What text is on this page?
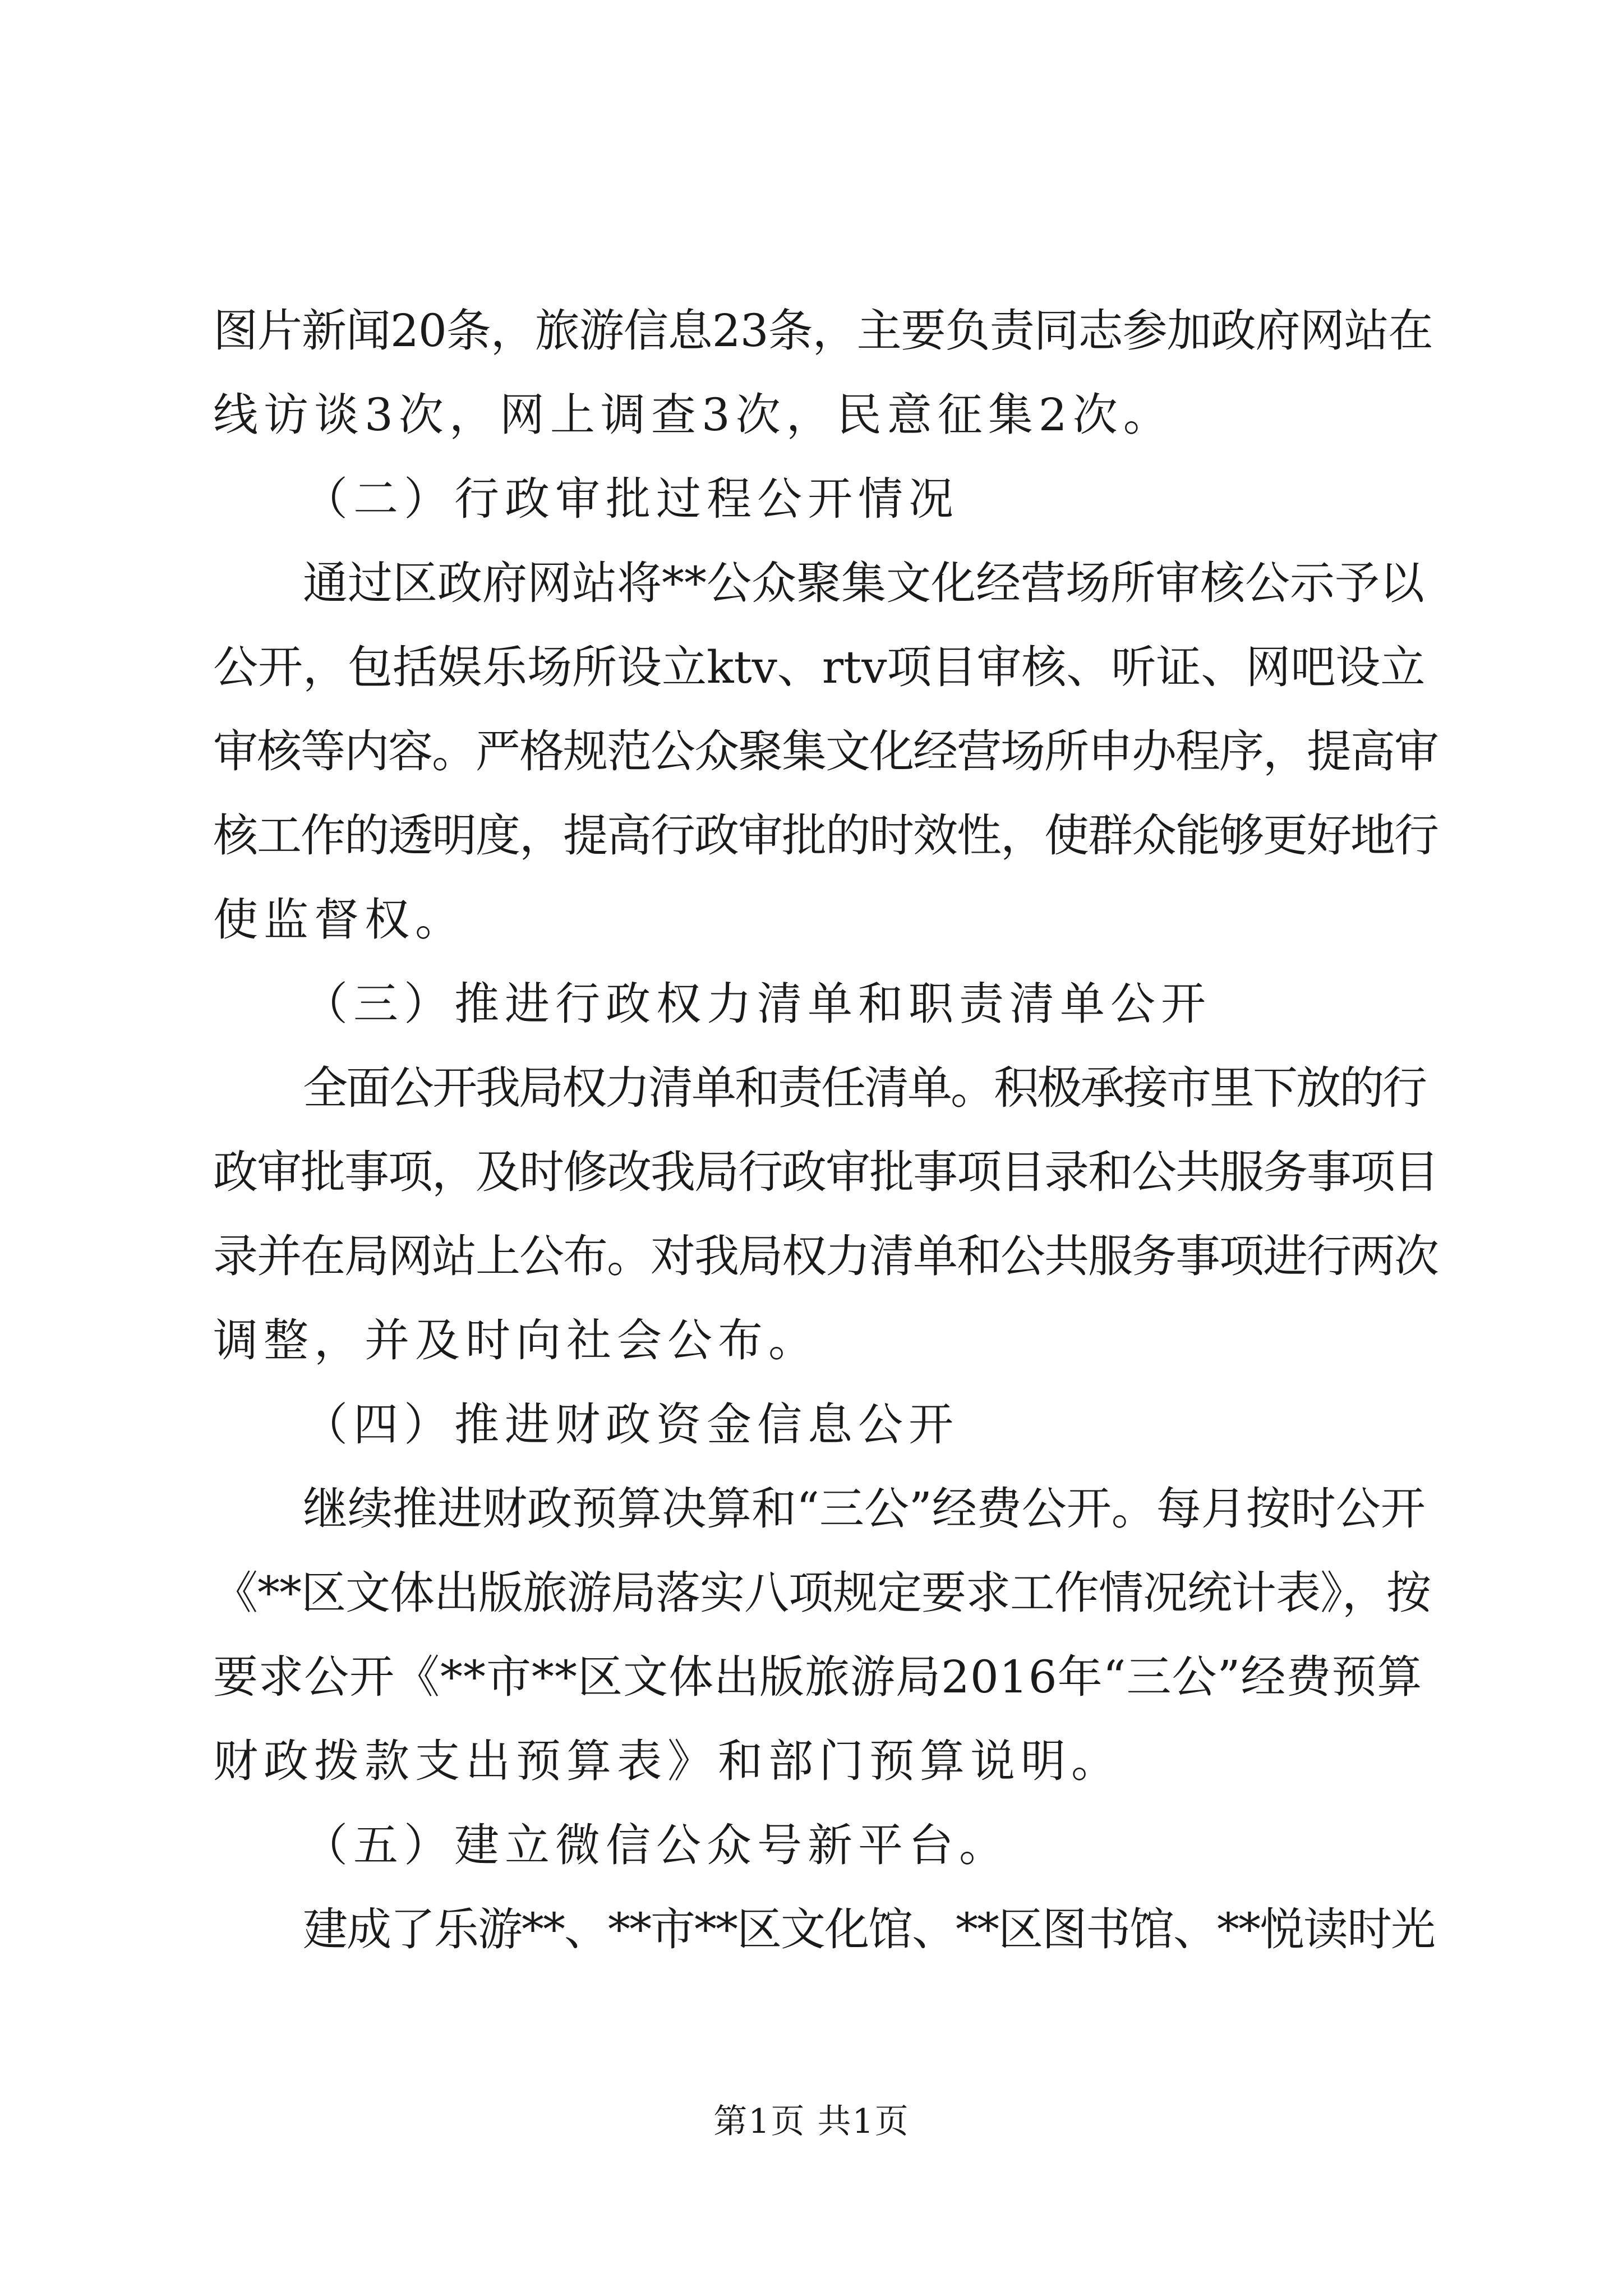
图片新闻20条，旅游信息23条，主要负责同志参加政府网站在
线访谈3次，网上调查3次，民意征集2次。
（二）行政审批过程公开情况
通过区政府网站将**公众聚集文化经营场所审核公示予以
公开，包括娱乐场所设立ktv、rtv项目审核、听证、网吧设立
审核等内容。严格规范公众聚集文化经营场所申办程序，提高审
核工作的透明度，提高行政审批的时效性，使群众能够更好地行
使监督权。
（三）推进行政权力清单和职责清单公开
全面公开我局权力清单和责任清单。积极承接市里下放的行
政审批事项，及时修改我局行政审批事项目录和公共服务事项目
录并在局网站上公布。对我局权力清单和公共服务事项进行两次
调整，并及时向社会公布。
（四）推进财政资金信息公开
继续推进财政预算决算和“三公”经费公开。每月按时公开
《**区文体出版旅游局落实八项规定要求工作情况统计表》，按
要求公开《**市**区文体出版旅游局2016年“三公”经费预算
财政拨款支出预算表》和部门预算说明。
（五）建立微信公众号新平台。
建成了乐游**、**市**区文化馆、**区图书馆、**悦读时光
第1页 共1页
